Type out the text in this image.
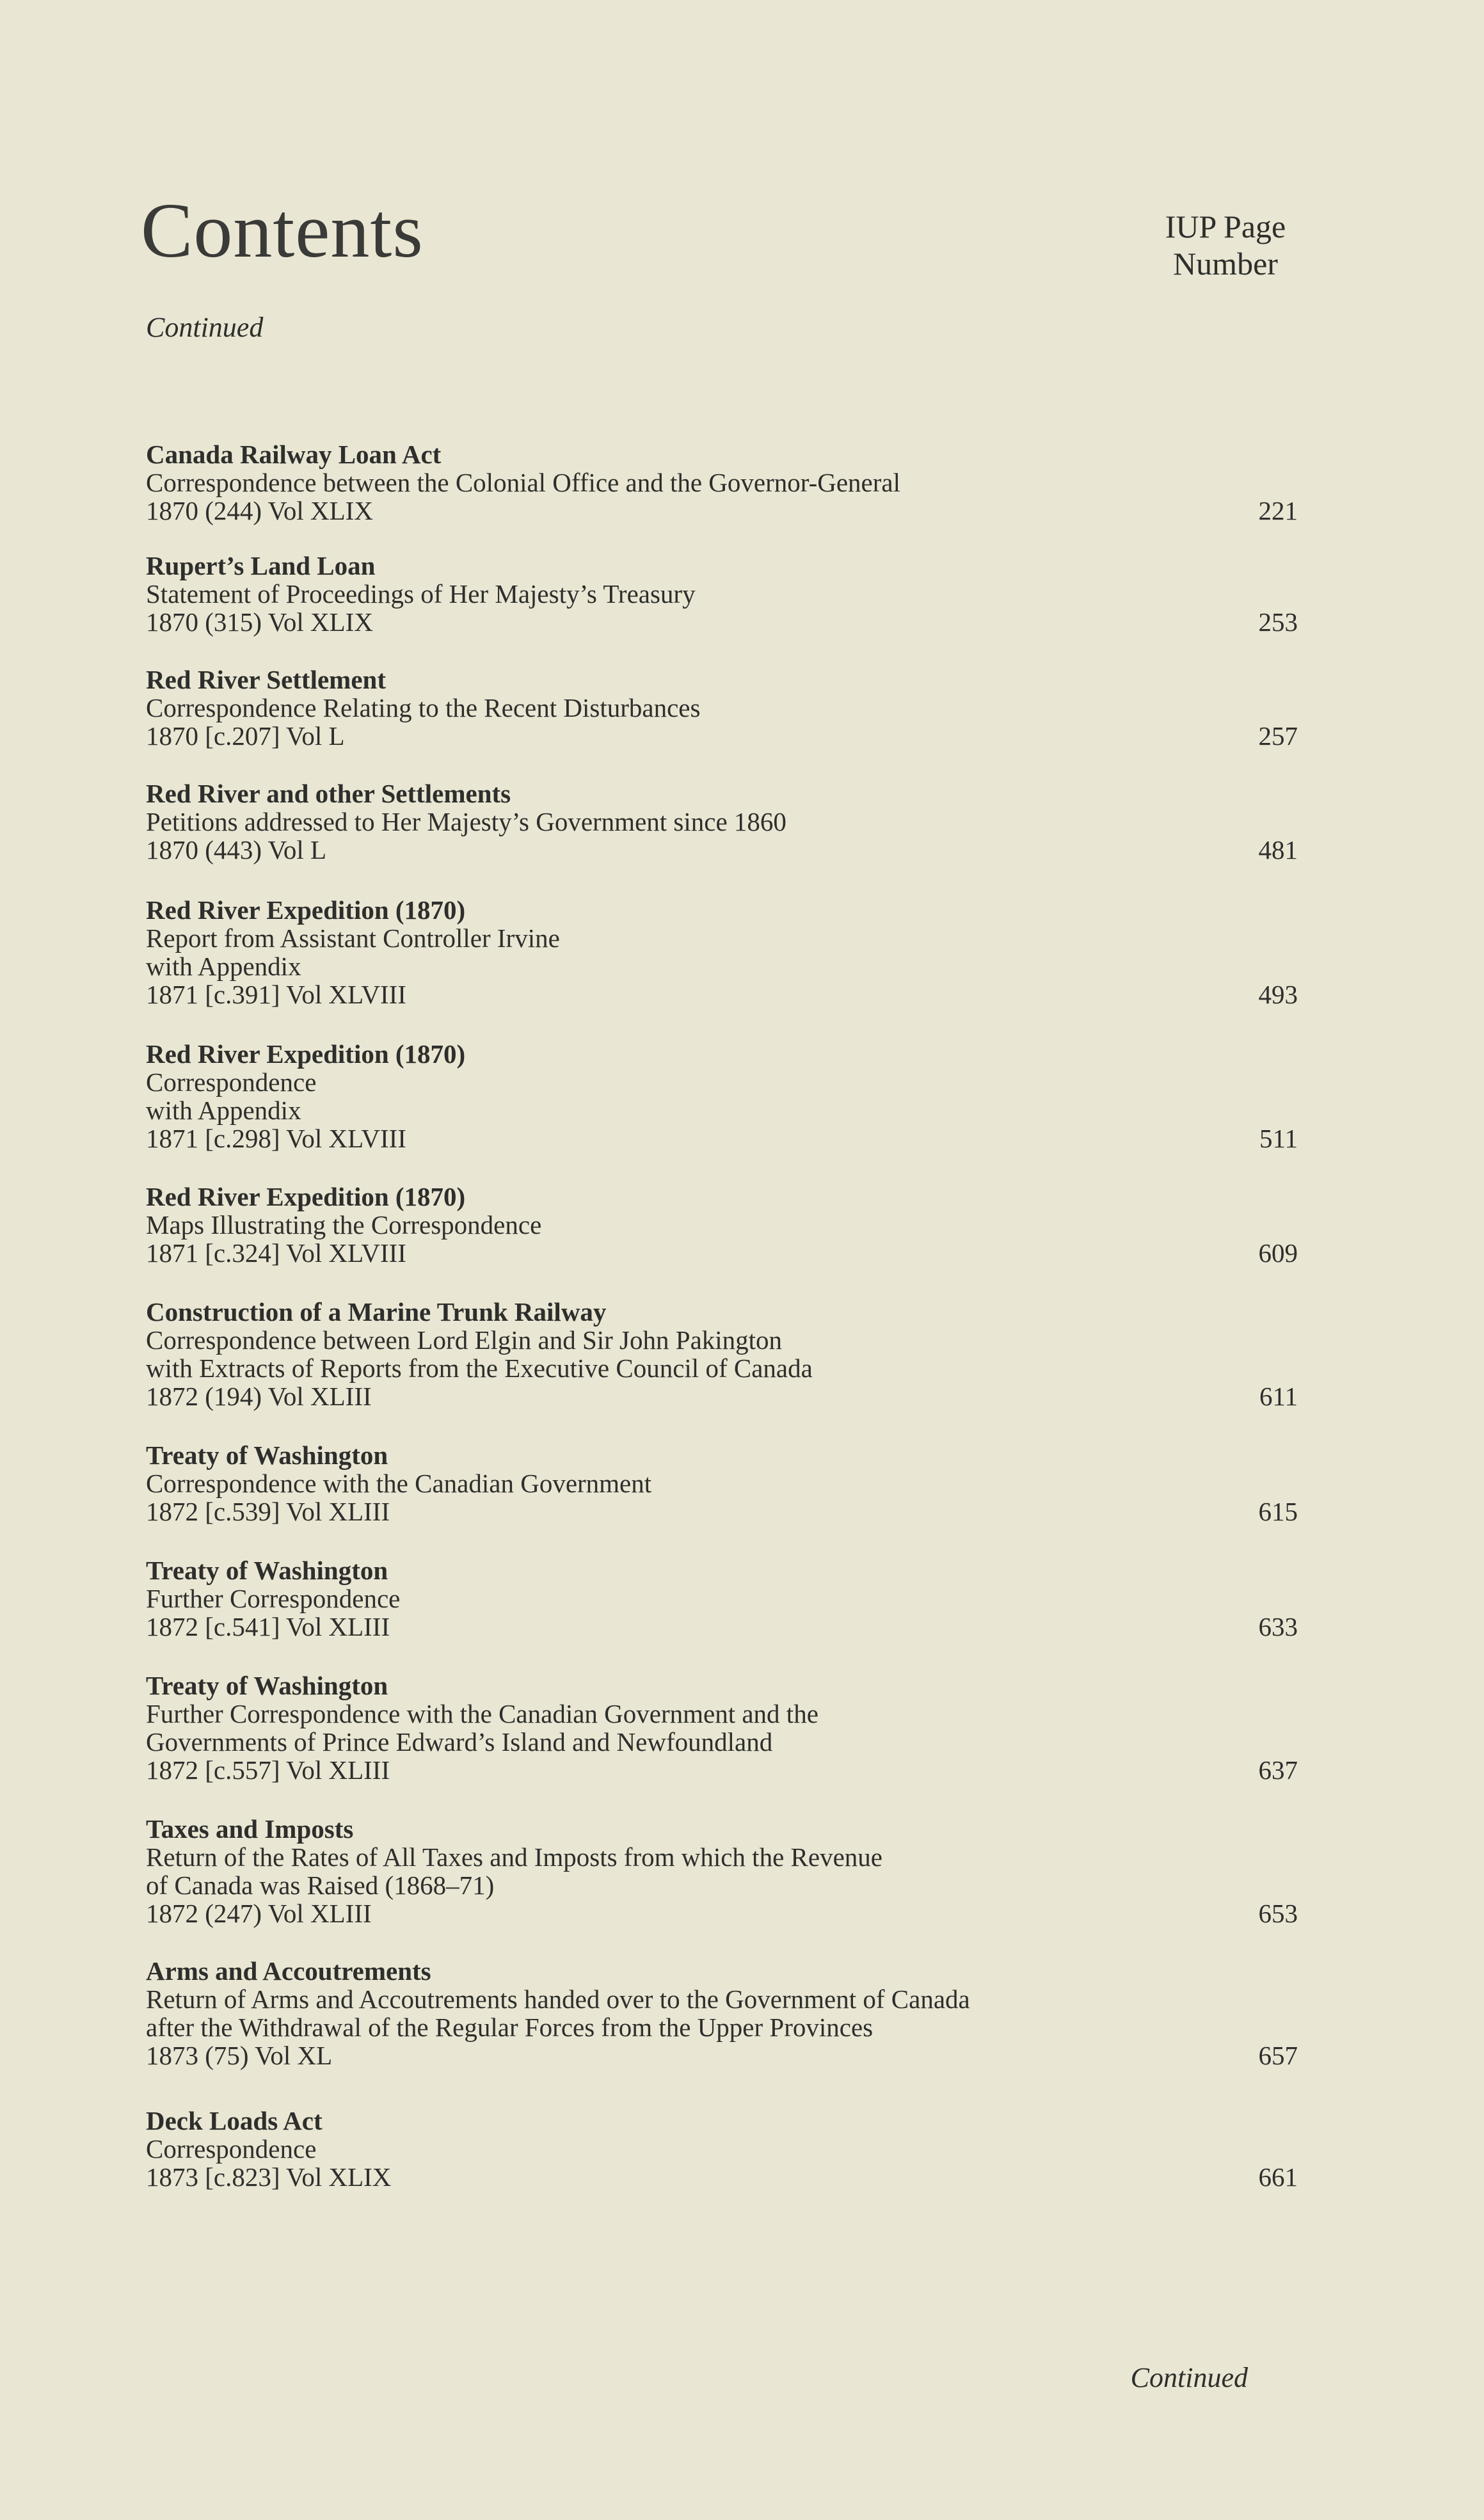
Contents
Continued
IUP Page
Number
Canada Railway Loan Act
Correspondence between the Colonial Office and the Governor-General
1870 (244) Vol XLIX	221
Rupert’s Land Loan
Statement of Proceedings of Her Majesty’s Treasury
1870 (315) Vol XLIX	253
Red River Settlement
Correspondence Relating to the Recent Disturbances
1870 [c.207] Vol L	257
Red River and other Settlements
Petitions addressed to Her Majesty’s Government since 1860
1870 (443) Vol L	481
Red River Expedition (1870)
Report from Assistant Controller Irvine
with Appendix
1871 [c.391] Vol XLVIII	493
Red River Expedition (1870)
Correspondence
with Appendix
1871 [c.298] Vol XLVIII	511
Red River Expedition (1870)
Maps Illustrating the Correspondence
1871 [c.324] Vol XLVIII	609
Construction of a Marine Trunk Railway
Correspondence between Lord Elgin and Sir John Pakington
with Extracts of Reports from the Executive Council of Canada
1872 (194) Vol XLIII	611
Treaty of Washington
Correspondence with the Canadian Government
1872 [c.539] Vol XLIII	615
Treaty of Washington
Further Correspondence
1872 [c.541] Vol XLIII	633
Treaty of Washington
Further Correspondence with the Canadian Government and the
Governments of Prince Edward’s Island and Newfoundland
1872 [c.557] Vol XLIII	637
Taxes and Imposts
Return of the Rates of All Taxes and Imposts from which the Revenue
of Canada was Raised (1868–71)
1872 (247) Vol XLIII	653
Arms and Accoutrements
Return of Arms and Accoutrements handed over to the Government of Canada
after the Withdrawal of the Regular Forces from the Upper Provinces
1873 (75) Vol XL	657
Deck Loads Act
Correspondence
1873 [c.823] Vol XLIX	661
Continued
